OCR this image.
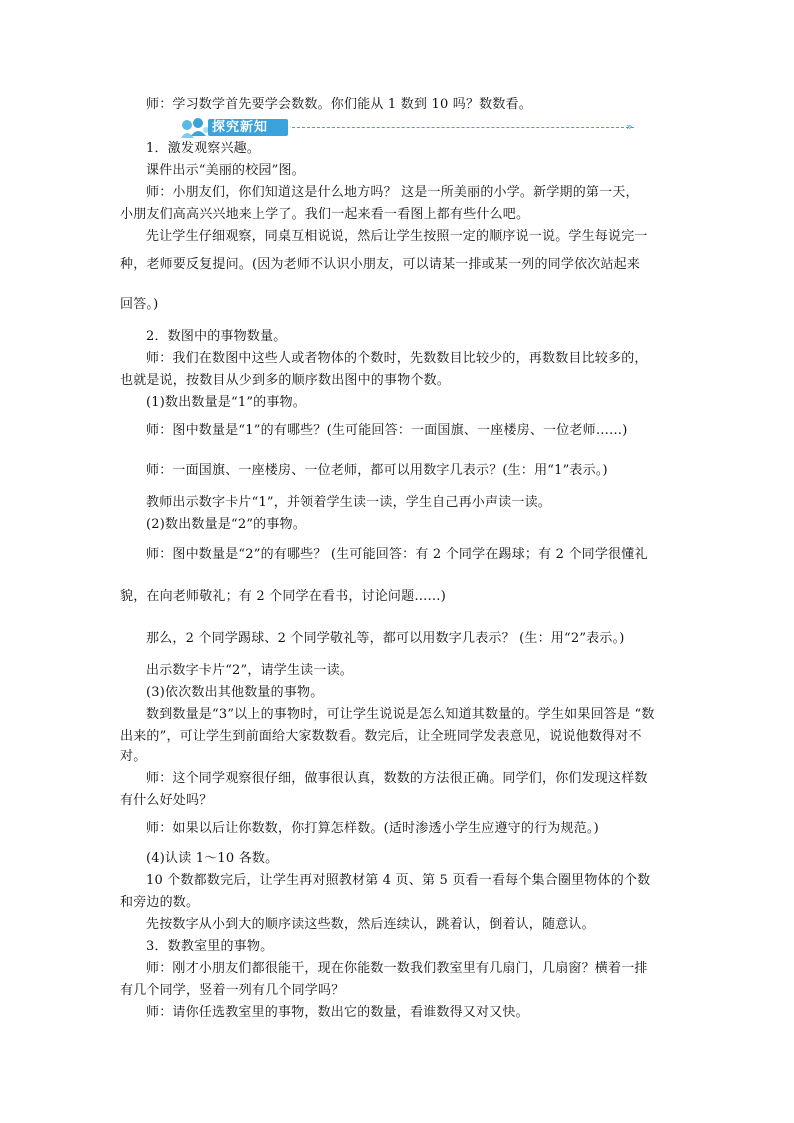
师：学习数学首先要学会数数。你们能从 1 数到 10 吗？数数看。
探究新知	»
1．激发观察兴趣。
课件出示“美丽的校园”图。
师：小朋友们，你们知道这是什么地方吗？ 这是一所美丽的小学。新学期的第一天，
小朋友们高高兴兴地来上学了。我们一起来看一看图上都有些什么吧。
先让学生仔细观察，同桌互相说说，然后让学生按照一定的顺序说一说。学生每说完一
种，老师要反复提问。(因为老师不认识小朋友，可以请某一排或某一列的同学依次站起来
回答。)
2．数图中的事物数量。
师：我们在数图中这些人或者物体的个数时，先数数目比较少的，再数数目比较多的，
也就是说，按数目从少到多的顺序数出图中的事物个数。
(1)数出数量是“1”的事物。
师：图中数量是“1”的有哪些？(生可能回答：一面国旗、一座楼房、一位老师……)
师：一面国旗、一座楼房、一位老师，都可以用数字几表示？(生：用“1”表示。)
教师出示数字卡片“1”，并领着学生读一读，学生自己再小声读一读。
(2)数出数量是“2”的事物。
师：图中数量是“2”的有哪些？ (生可能回答：有 2 个同学在踢球；有 2 个同学很懂礼
貌，在向老师敬礼；有 2 个同学在看书，讨论问题……)
那么，2 个同学踢球、2 个同学敬礼等，都可以用数字几表示？ (生：用“2”表示。)
出示数字卡片“2”，请学生读一读。
(3)依次数出其他数量的事物。
数到数量是“3”以上的事物时，可让学生说说是怎么知道其数量的。学生如果回答是 “数
出来的”，可让学生到前面给大家数数看。数完后，让全班同学发表意见，说说他数得对不
对。
师：这个同学观察很仔细，做事很认真，数数的方法很正确。同学们，你们发现这样数
有什么好处吗？
师：如果以后让你数数，你打算怎样数。(适时渗透小学生应遵守的行为规范。)
(4)认读 1～10 各数。
10 个数都数完后，让学生再对照教材第 4 页、第 5 页看一看每个集合圈里物体的个数
和旁边的数。
先按数字从小到大的顺序读这些数，然后连续认，跳着认，倒着认，随意认。
3．数教室里的事物。
师：刚才小朋友们都很能干，现在你能数一数我们教室里有几扇门，几扇窗？横着一排
有几个同学，竖着一列有几个同学吗？
师：请你任选教室里的事物，数出它的数量，看谁数得又对又快。
